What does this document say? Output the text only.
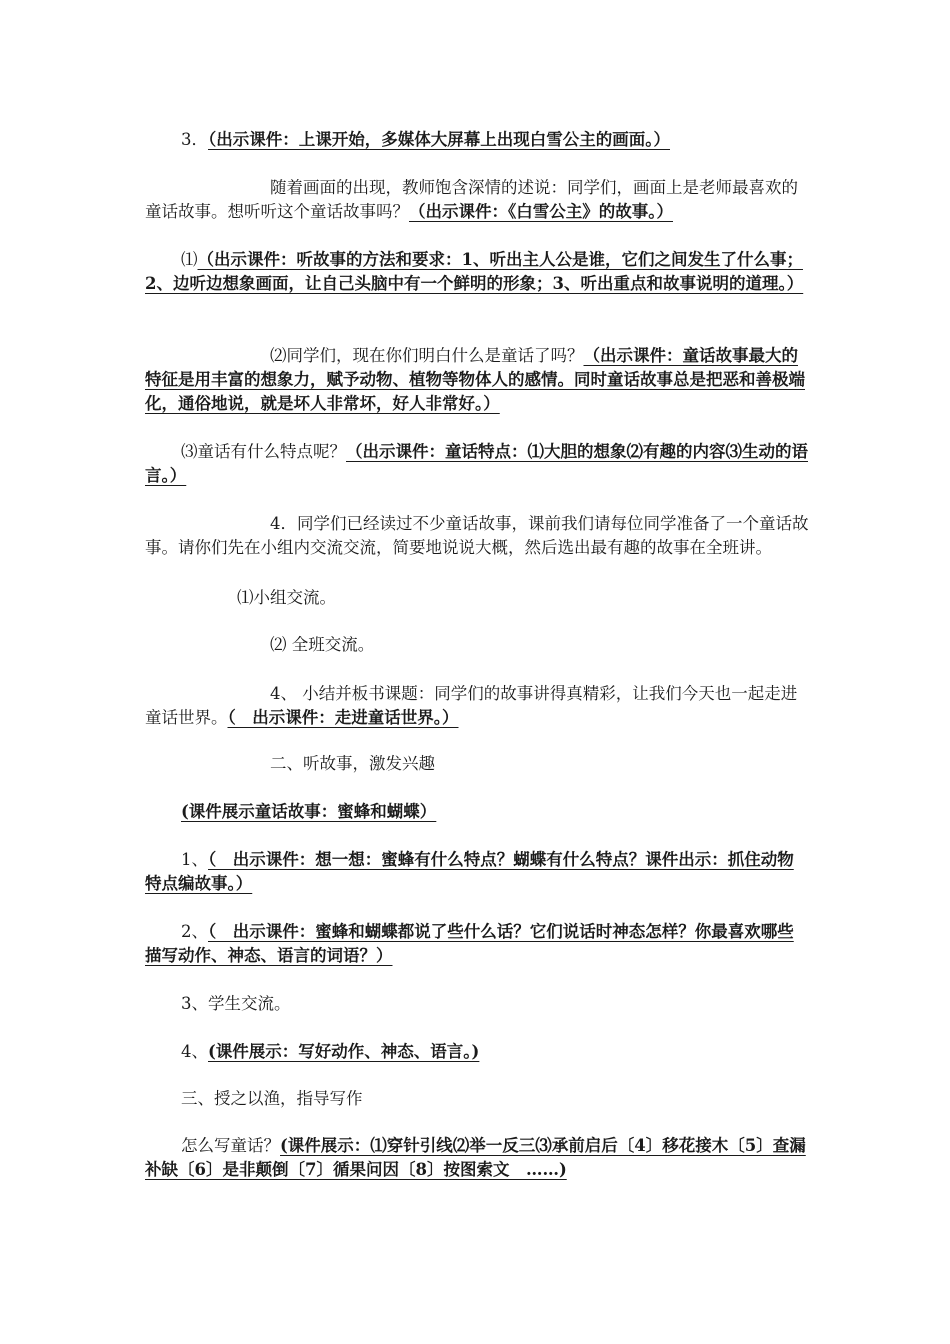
3．（出示课件：上课开始，多媒体大屏幕上出现白雪公主的画面。）

随着画面的出现，教师饱含深情的述说：同学们，画面上是老师最喜欢的童话故事。想听听这个童话故事吗？（出示课件：《白雪公主》的故事。）

⑴（出示课件：听故事的方法和要求：1、听出主人公是谁，它们之间发生了什么事；2、边听边想象画面，让自己头脑中有一个鲜明的形象；3、听出重点和故事说明的道理。）

⑵同学们，现在你们明白什么是童话了吗？（出示课件：童话故事最大的特征是用丰富的想象力，赋予动物、植物等物体人的感情。同时童话故事总是把恶和善极端化，通俗地说，就是坏人非常坏，好人非常好。）

⑶童话有什么特点呢？（出示课件：童话特点：⑴大胆的想象⑵有趣的内容⑶生动的语言。）

4．同学们已经读过不少童话故事，课前我们请每位同学准备了一个童话故事。请你们先在小组内交流交流，简要地说说大概，然后选出最有趣的故事在全班讲。

⑴小组交流。

⑵ 全班交流。

4、 小结并板书课题：同学们的故事讲得真精彩，让我们今天也一起走进童话世界。（　出示课件：走进童话世界。）

二、听故事，激发兴趣

(课件展示童话故事：蜜蜂和蝴蝶）

1、（　出示课件：想一想：蜜蜂有什么特点？蝴蝶有什么特点？课件出示：抓住动物特点编故事。）

2、（　出示课件：蜜蜂和蝴蝶都说了些什么话？它们说话时神态怎样？你最喜欢哪些描写动作、神态、语言的词语？）

3、学生交流。

4、(课件展示：写好动作、神态、语言。)

三、授之以渔，指导写作

怎么写童话？(课件展示：⑴穿针引线⑵举一反三⑶承前启后〔4〕移花接木〔5〕查漏补缺〔6〕是非颠倒〔7〕循果问因〔8〕按图索文　……)
